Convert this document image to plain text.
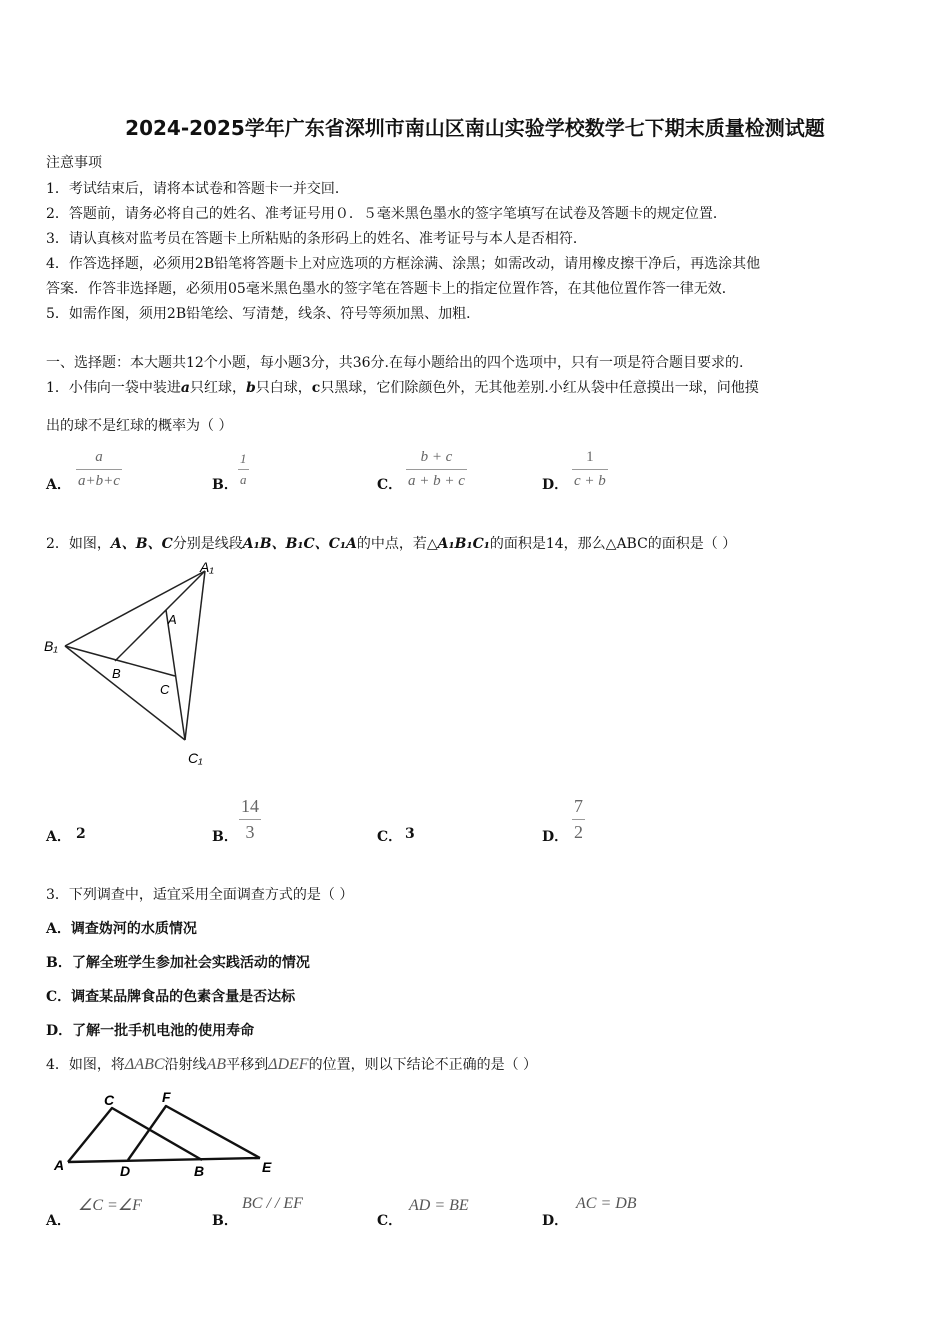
2024-2025学年广东省深圳市南山区南山实验学校数学七下期末质量检测试题
注意事项
1．考试结束后，请将本试卷和答题卡一并交回．
2．答题前，请务必将自己的姓名、准考证号用０．５毫米黑色墨水的签字笔填写在试卷及答题卡的规定位置．
3．请认真核对监考员在答题卡上所粘贴的条形码上的姓名、准考证号与本人是否相符．
4．作答选择题，必须用2B铅笔将答题卡上对应选项的方框涂满、涂黑；如需改动，请用橡皮擦干净后，再选涂其他
答案．作答非选择题，必须用05毫米黑色墨水的签字笔在答题卡上的指定位置作答，在其他位置作答一律无效．
5．如需作图，须用2B铅笔绘、写清楚，线条、符号等须加黑、加粗．
一、选择题：本大题共12个小题，每小题3分，共36分.在每小题给出的四个选项中，只有一项是符合题目要求的.
1．小伟向一袋中装进a只红球，b只白球，c只黑球，它们除颜色外，无其他差别.小红从袋中任意摸出一球，问他摸
出的球不是红球的概率为（ ）
A．
a
a+b+c	B．
1
a	C．
b + c
a + b + c	D．
1
c + b
2．如图，A、B、C分别是线段A₁B、B₁C、C₁A的中点，若△A₁B₁C₁的面积是14，那么△ABC的面积是（ ）
A₁
A
B₁
B
C
C₁
A． 2	B．
14
3	C． 3	D．
7
2
3．下列调查中，适宜采用全面调查方式的是（ ）
A．调查妫河的水质情况
B．了解全班学生参加社会实践活动的情况
C．调查某品牌食品的色素含量是否达标
D．了解一批手机电池的使用寿命
4．如图，将ΔABC沿射线AB平移到ΔDEF的位置，则以下结论不正确的是（ ）
A
C
D
F
B	E
A．
∠C =∠F
B．
BC / / EF
C．
AD = BE
D．
AC = DB
